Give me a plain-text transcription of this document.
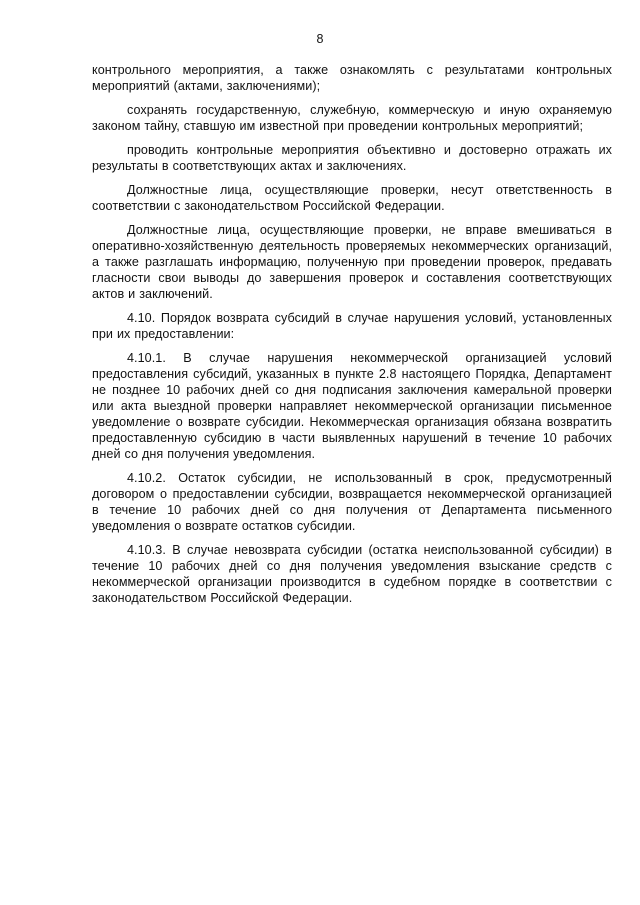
8

контрольного мероприятия, а также ознакомлять с результатами контрольных мероприятий (актами, заключениями);

сохранять государственную, служебную, коммерческую и иную охраняемую законом тайну, ставшую им известной при проведении контрольных мероприятий;

проводить контрольные мероприятия объективно и достоверно отражать их результаты в соответствующих актах и заключениях.

Должностные лица, осуществляющие проверки, несут ответственность в соответствии с законодательством Российской Федерации.

Должностные лица, осуществляющие проверки, не вправе вмешиваться в оперативно-хозяйственную деятельность проверяемых некоммерческих организаций, а также разглашать информацию, полученную при проведении проверок, предавать гласности свои выводы до завершения проверок и составления соответствующих актов и заключений.

4.10. Порядок возврата субсидий в случае нарушения условий, установленных при их предоставлении:

4.10.1. В случае нарушения некоммерческой организацией условий предоставления субсидий, указанных в пункте 2.8 настоящего Порядка, Департамент не позднее 10 рабочих дней со дня подписания заключения камеральной проверки или акта выездной проверки направляет некоммерческой организации письменное уведомление о возврате субсидии. Некоммерческая организация обязана возвратить предоставленную субсидию в части выявленных нарушений в течение 10 рабочих дней со дня получения уведомления.

4.10.2. Остаток субсидии, не использованный в срок, предусмотренный договором о предоставлении субсидии, возвращается некоммерческой организацией в течение 10 рабочих дней со дня получения от Департамента письменного уведомления о возврате остатков субсидии.

4.10.3. В случае невозврата субсидии (остатка неиспользованной субсидии) в течение 10 рабочих дней со дня получения уведомления взыскание средств с некоммерческой организации производится в судебном порядке в соответствии с законодательством Российской Федерации.
